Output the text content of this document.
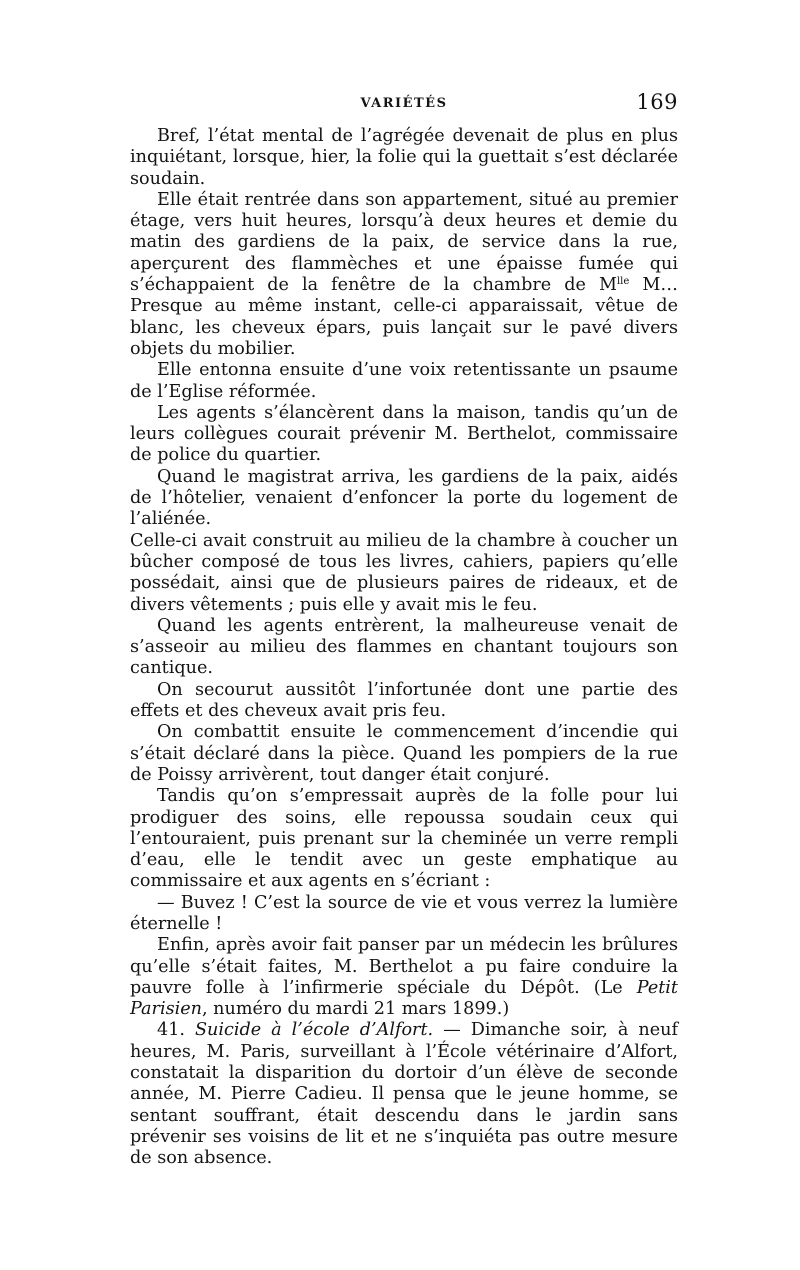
VARIÉTÉS	169

Bref, l’état mental de l’agrégée devenait de plus en plus inquiétant, lorsque, hier, la folie qui la guettait s’est déclarée soudain.

Elle était rentrée dans son appartement, situé au premier étage, vers huit heures, lorsqu’à deux heures et demie du matin des gardiens de la paix, de service dans la rue, aperçurent des flammèches et une épaisse fumée qui s’échappaient de la fenêtre de la chambre de $M^{lle}$ M… Presque au même instant, celle-ci apparaissait, vêtue de blanc, les cheveux épars, puis lançait sur le pavé divers objets du mobilier.

Elle entonna ensuite d’une voix retentissante un psaume de l’Eglise réformée.

Les agents s’élancèrent dans la maison, tandis qu’un de leurs collègues courait prévenir M. Berthelot, commissaire de police du quartier.

Quand le magistrat arriva, les gardiens de la paix, aidés de l’hôtelier, venaient d’enfoncer la porte du logement de l’aliénée.

Celle-ci avait construit au milieu de la chambre à coucher un bûcher composé de tous les livres, cahiers, papiers qu’elle possédait, ainsi que de plusieurs paires de rideaux, et de divers vêtements ; puis elle y avait mis le feu.

Quand les agents entrèrent, la malheureuse venait de s’asseoir au milieu des flammes en chantant toujours son cantique.

On secourut aussitôt l’infortunée dont une partie des effets et des cheveux avait pris feu.

On combattit ensuite le commencement d’incendie qui s’était déclaré dans la pièce. Quand les pompiers de la rue de Poissy arrivèrent, tout danger était conjuré.

Tandis qu’on s’empressait auprès de la folle pour lui prodiguer des soins, elle repoussa soudain ceux qui l’entouraient, puis prenant sur la cheminée un verre rempli d’eau, elle le tendit avec un geste emphatique au commissaire et aux agents en s’écriant :

— Buvez ! C’est la source de vie et vous verrez la lumière éternelle !

Enfin, après avoir fait panser par un médecin les brûlures qu’elle s’était faites, M. Berthelot a pu faire conduire la pauvre folle à l’infirmerie spéciale du Dépôt. (Le Petit Parisien, numéro du mardi 21 mars 1899.)

41. Suicide à l’école d’Alfort. — Dimanche soir, à neuf heures, M. Paris, surveillant à l’École vétérinaire d’Alfort, constatait la disparition du dortoir d’un élève de seconde année, M. Pierre Cadieu. Il pensa que le jeune homme, se sentant souffrant, était descendu dans le jardin sans prévenir ses voisins de lit et ne s’inquiéta pas outre mesure de son absence.
